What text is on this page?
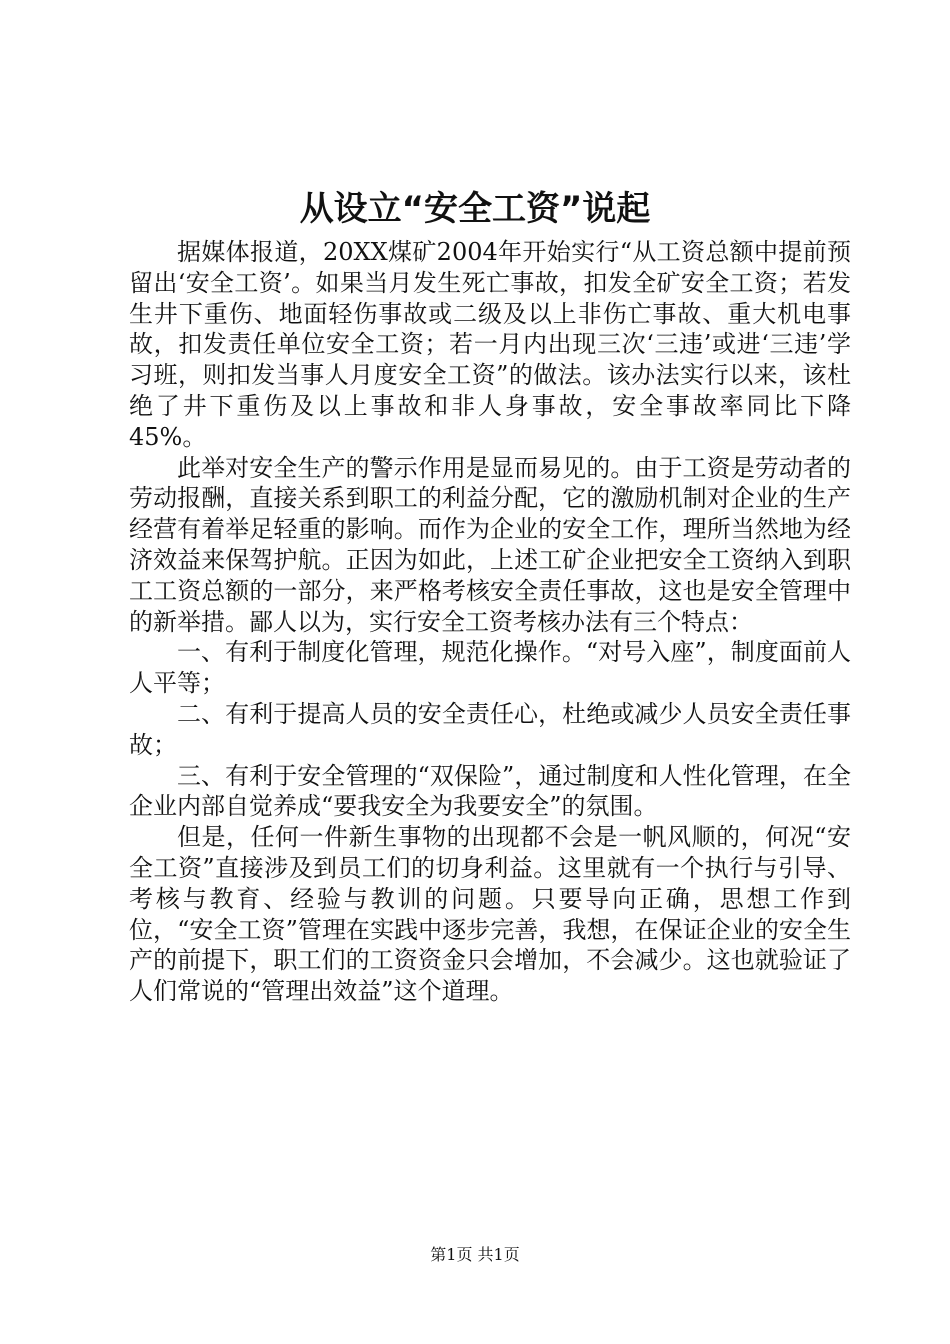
从设立“安全工资”说起

据媒体报道，20XX煤矿2004年开始实行“从工资总额中提前预留出‘安全工资’。如果当月发生死亡事故，扣发全矿安全工资；若发生井下重伤、地面轻伤事故或二级及以上非伤亡事故、重大机电事故，扣发责任单位安全工资；若一月内出现三次‘三违’或进‘三违’学习班，则扣发当事人月度安全工资”的做法。该办法实行以来，该杜绝了井下重伤及以上事故和非人身事故，安全事故率同比下降45%。

此举对安全生产的警示作用是显而易见的。由于工资是劳动者的劳动报酬，直接关系到职工的利益分配，它的激励机制对企业的生产经营有着举足轻重的影响。而作为企业的安全工作，理所当然地为经济效益来保驾护航。正因为如此，上述工矿企业把安全工资纳入到职工工资总额的一部分，来严格考核安全责任事故，这也是安全管理中的新举措。鄙人以为，实行安全工资考核办法有三个特点：

一、有利于制度化管理，规范化操作。“对号入座”，制度面前人人平等；

二、有利于提高人员的安全责任心，杜绝或减少人员安全责任事故；

三、有利于安全管理的“双保险”，通过制度和人性化管理，在全企业内部自觉养成“要我安全为我要安全”的氛围。

但是，任何一件新生事物的出现都不会是一帆风顺的，何况“安全工资”直接涉及到员工们的切身利益。这里就有一个执行与引导、考核与教育、经验与教训的问题。只要导向正确，思想工作到位，“安全工资”管理在实践中逐步完善，我想，在保证企业的安全生产的前提下，职工们的工资资金只会增加，不会减少。这也就验证了人们常说的“管理出效益”这个道理。

第1页 共1页
